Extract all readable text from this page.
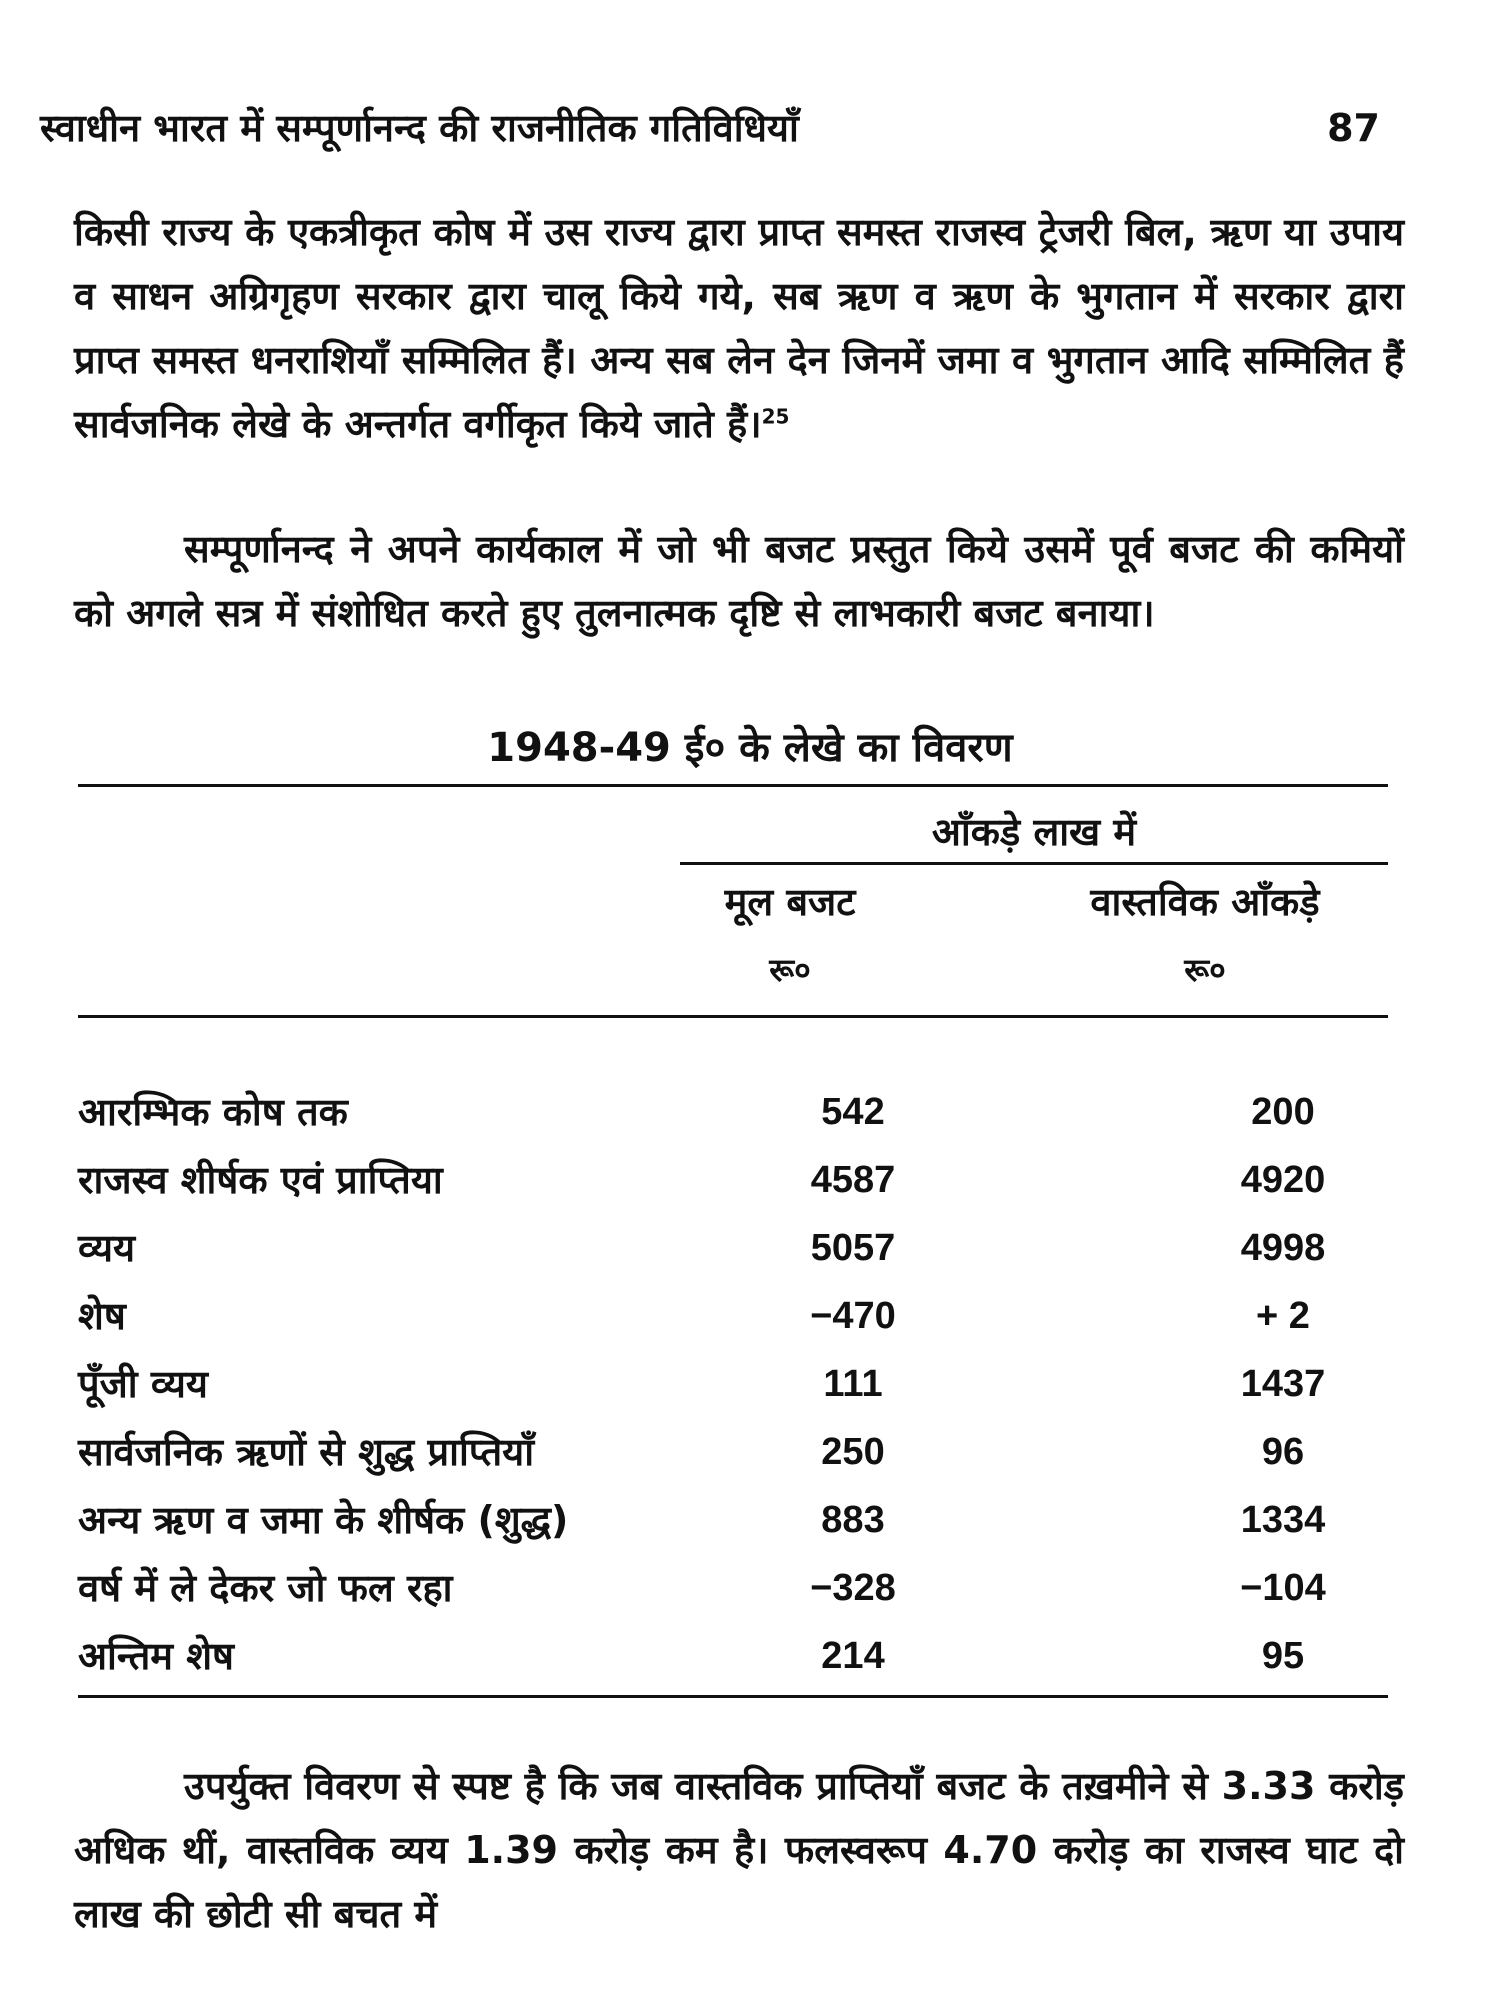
स्वाधीन भारत में सम्पूर्णानन्द की राजनीतिक गतिविधियाँ	87

किसी राज्य के एकत्रीकृत कोष में उस राज्य द्वारा प्राप्त समस्त राजस्व ट्रेजरी बिल, ऋण या उपाय व साधन अग्रिगृहण सरकार द्वारा चालू किये गये, सब ऋण व ऋण के भुगतान में सरकार द्वारा प्राप्त समस्त धनराशियाँ सम्मिलित हैं। अन्य सब लेन देन जिनमें जमा व भुगतान आदि सम्मिलित हैं सार्वजनिक लेखे के अन्तर्गत वर्गीकृत किये जाते हैं।$^{25}$

सम्पूर्णानन्द ने अपने कार्यकाल में जो भी बजट प्रस्तुत किये उसमें पूर्व बजट की कमियों को अगले सत्र में संशोधित करते हुए तुलनात्मक दृष्टि से लाभकारी बजट बनाया।

1948-49 ई० के लेखे का विवरण
आँकड़े लाख में
मूल बजट	वास्तविक आँकड़े
रू०	रू०
आरम्भिक कोष तक	542	200
राजस्व शीर्षक एवं प्राप्तिया	4587	4920
व्यय	5057	4998
शेष	−470	+ 2
पूँजी व्यय	111	1437
सार्वजनिक ऋणों से शुद्ध प्राप्तियाँ	250	96
अन्य ऋण व जमा के शीर्षक (शुद्ध)	883	1334
वर्ष में ले देकर जो फल रहा	−328	−104
अन्तिम शेष	214	95

उपर्युक्त विवरण से स्पष्ट है कि जब वास्तविक प्राप्तियाँ बजट के तख़मीने से 3.33 करोड़ अधिक थीं, वास्तविक व्यय 1.39 करोड़ कम है। फलस्वरूप 4.70 करोड़ का राजस्व घाट दो लाख की छोटी सी बचत में
